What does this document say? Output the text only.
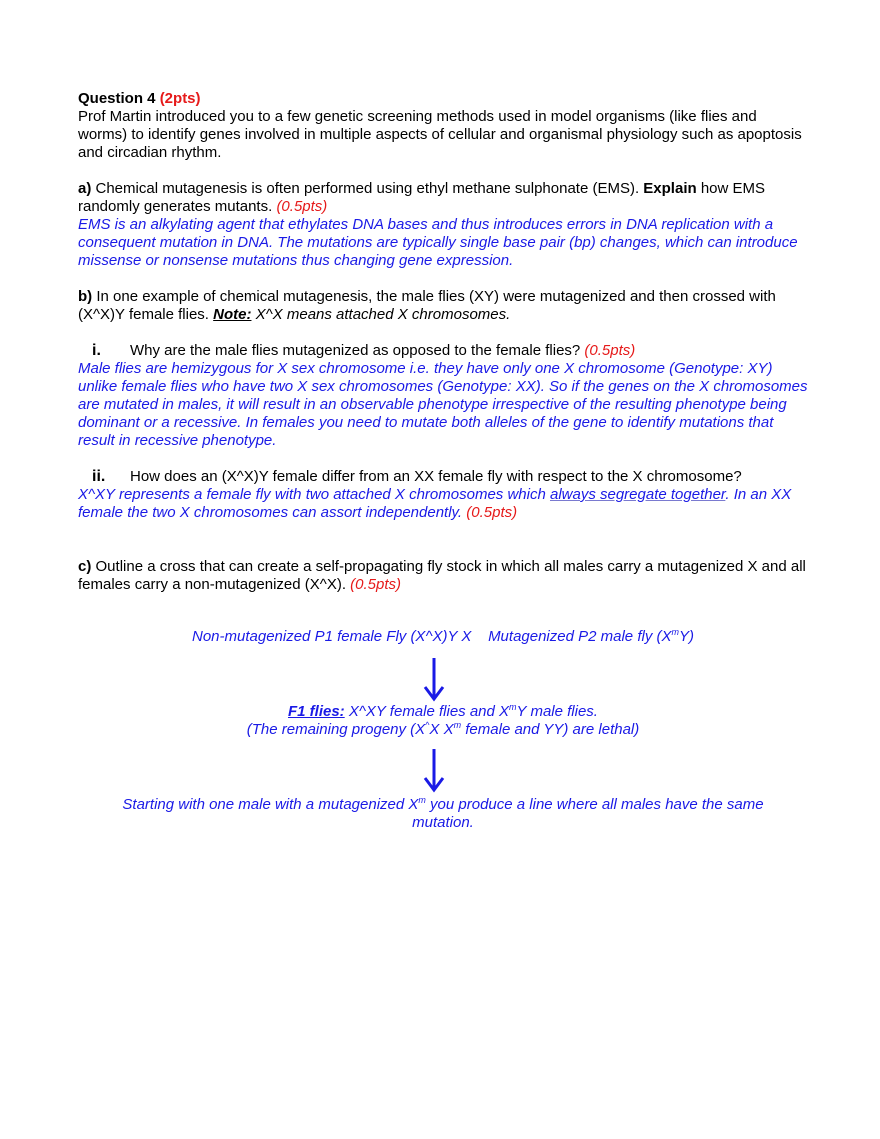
Question 4 (2pts)

Prof Martin introduced you to a few genetic screening methods used in model organisms (like flies and worms) to identify genes involved in multiple aspects of cellular and organismal physiology such as apoptosis and circadian rhythm.

a) Chemical mutagenesis is often performed using ethyl methane sulphonate (EMS). Explain how EMS randomly generates mutants. (0.5pts)

EMS is an alkylating agent that ethylates DNA bases and thus introduces errors in DNA replication with a consequent mutation in DNA. The mutations are typically single base pair (bp) changes, which can introduce missense or nonsense mutations thus changing gene expression.

b) In one example of chemical mutagenesis, the male flies (XY) were mutagenized and then crossed with (X^X)Y female flies. Note: X^X means attached X chromosomes.

i.	Why are the male flies mutagenized as opposed to the female flies? (0.5pts)

Male flies are hemizygous for X sex chromosome i.e. they have only one X chromosome (Genotype: XY) unlike female flies who have two X sex chromosomes (Genotype: XX). So if the genes on the X chromosomes are mutated in males, it will result in an observable phenotype irrespective of the resulting phenotype being dominant or a recessive. In females you need to mutate both alleles of the gene to identify mutations that result in recessive phenotype.

ii.	How does an (X^X)Y female differ from an XX female fly with respect to the X chromosome?

X^XY represents a female fly with two attached X chromosomes which always segregate together. In an XX female the two X chromosomes can assort independently. (0.5pts)

c) Outline a cross that can create a self-propagating fly stock in which all males carry a mutagenized X and all females carry a non-mutagenized (X^X). (0.5pts)

Non-mutagenized P1 female Fly (X^X)Y X Mutagenized P2 male fly $(X^mY)$
F1 flies: X^XY female flies and $X^mY$ male flies.
(The remaining progeny (X^X $X^m$ female and YY) are lethal)
Starting with one male with a mutagenized $X^m$ you produce a line where all males have the same mutation.
